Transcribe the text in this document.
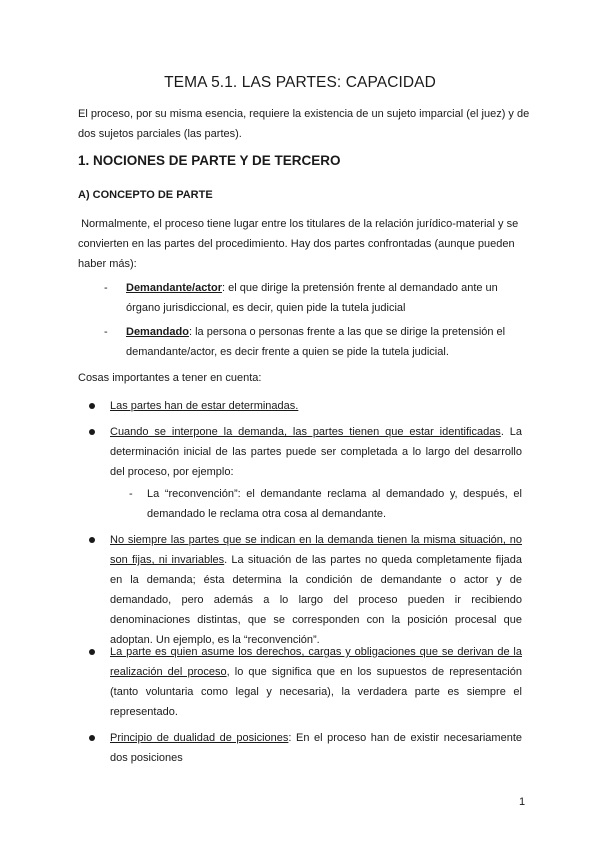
TEMA 5.1. LAS PARTES: CAPACIDAD
El proceso, por su misma esencia, requiere la existencia de un sujeto imparcial (el juez) y de dos sujetos parciales (las partes).
1. NOCIONES DE PARTE Y DE TERCERO
A) CONCEPTO DE PARTE
Normalmente, el proceso tiene lugar entre los titulares de la relación jurídico-material y se convierten en las partes del procedimiento. Hay dos partes confrontadas (aunque pueden haber más):
- Demandante/actor: el que dirige la pretensión frente al demandado ante un órgano jurisdiccional, es decir, quien pide la tutela judicial
- Demandado: la persona o personas frente a las que se dirige la pretensión el demandante/actor, es decir frente a quien se pide la tutela judicial.
Cosas importantes a tener en cuenta:
Las partes han de estar determinadas.
Cuando se interpone la demanda, las partes tienen que estar identificadas. La determinación inicial de las partes puede ser completada a lo largo del desarrollo del proceso, por ejemplo:
- La “reconvención”: el demandante reclama al demandado y, después, el demandado le reclama otra cosa al demandante.
No siempre las partes que se indican en la demanda tienen la misma situación, no son fijas, ni invariables. La situación de las partes no queda completamente fijada en la demanda; ésta determina la condición de demandante o actor y de demandado, pero además a lo largo del proceso pueden ir recibiendo denominaciones distintas, que se corresponden con la posición procesal que adoptan. Un ejemplo, es la “reconvención”.
La parte es quien asume los derechos, cargas y obligaciones que se derivan de la realización del proceso, lo que significa que en los supuestos de representación (tanto voluntaria como legal y necesaria), la verdadera parte es siempre el representado.
Principio de dualidad de posiciones: En el proceso han de existir necesariamente dos posiciones
1
